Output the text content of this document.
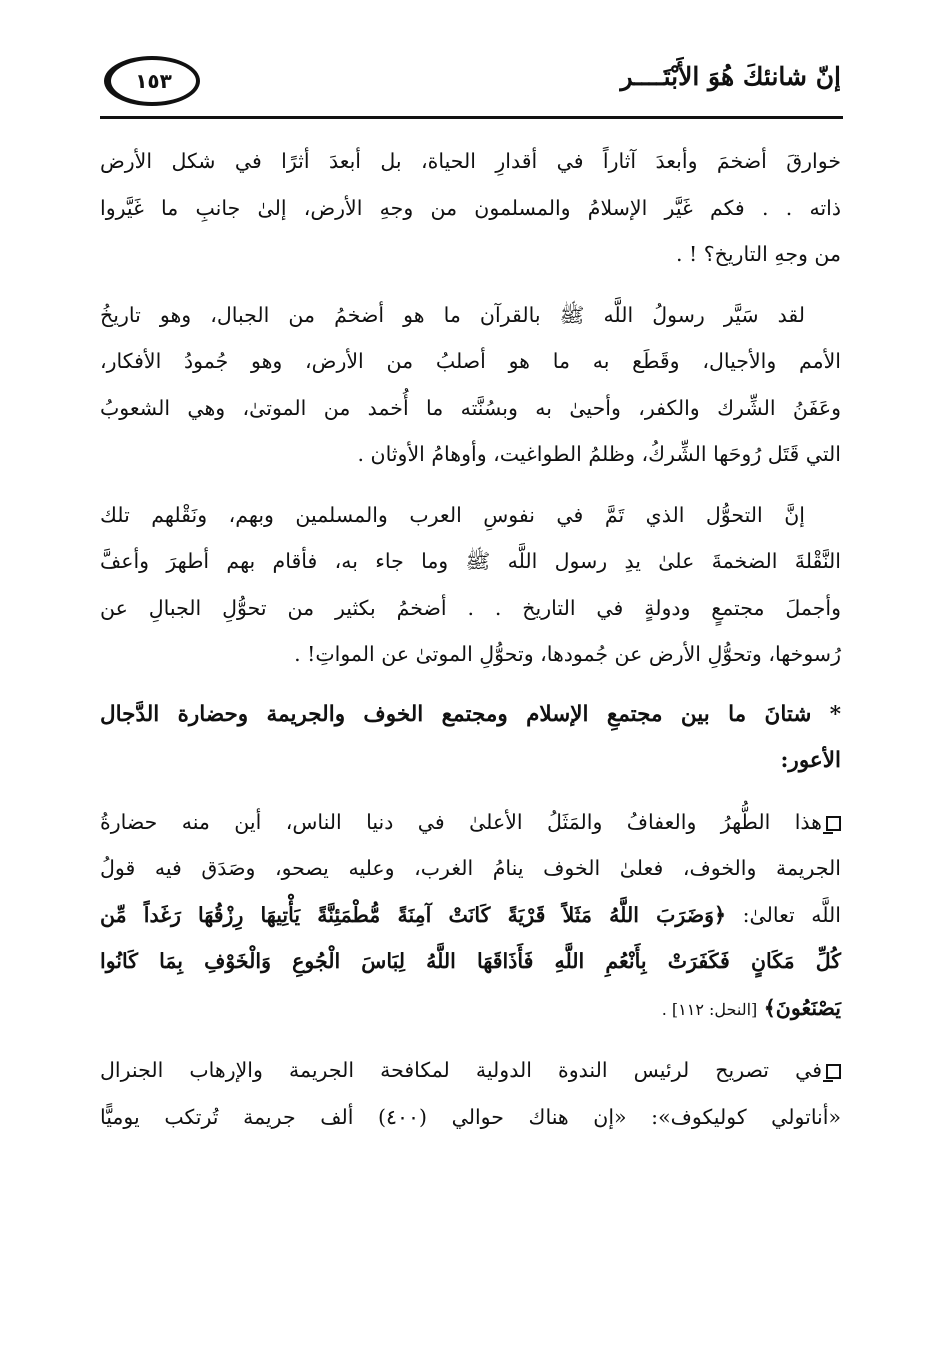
إنّ شانئكَ هُوَ الأَبْتَــــر
١٥٣
خوارقَ أضخمَ وأبعدَ آثاراً في أقدارِ الحياة، بل أبعدَ أثرًا في شكل الأرض
ذاته . . فكم غَيَّر الإسلامُ والمسلمون من وجهِ الأرض، إلىٰ جانبِ ما غَيَّروا
من وجهِ التاريخ؟ ! .
لقد سَيَّر رسولُ اللَّه ﷺ بالقرآن ما هو أضخمُ من الجبال، وهو تاريخُ
الأمم والأجيال، وقَطَع به ما هو أصلبُ من الأرض، وهو جُمودُ الأفكار،
وعَفَنُ الشِّرك والكفر، وأحيىٰ به وبسُنَّته ما أُخمد من الموتىٰ، وهي الشعوبُ
التي قَتَل رُوحَها الشِّركُ، وظلمُ الطواغيت، وأوهامُ الأوثان .
إنَّ التحوُّل الذي تَمَّ في نفوسِ العرب والمسلمين وبهم، ونَقْلهم تلك
النَّقْلةَ الضخمةَ علىٰ يدِ رسول اللَّه ﷺ وما جاء به، فأقام بهم أطهرَ وأعفَّ
وأجملَ مجتمعٍ ودولةٍ في التاريخ . . أضخمُ بكثير من تحوُّلِ الجبالِ عن
رُسوخها، وتحوُّلِ الأرض عن جُمودها، وتحوُّلِ الموتىٰ عن المواتِ! .
* شتانَ ما بين مجتمعِ الإسلام ومجتمع الخوف والجريمة وحضارة الدَّجال
الأعور:
هذا الطُّهرُ والعفافُ والمَثَلُ الأعلىٰ في دنيا الناس، أين منه حضارةُ
الجريمة والخوف، فعلىٰ الخوف ينامُ الغرب، وعليه يصحو، وصَدَق فيه قولُ
اللَّه تعالىٰ: ﴿وَضَرَبَ اللَّهُ مَثَلاً قَرْيَةً كَانَتْ آمِنَةً مُّطْمَئِنَّةً يَأْتِيهَا رِزْقُهَا رَغَداً مِّن
كُلِّ مَكَانٍ فَكَفَرَتْ بِأَنْعُمِ اللَّهِ فَأَذَاقَهَا اللَّهُ لِبَاسَ الْجُوعِ وَالْخَوْفِ بِمَا كَانُوا
يَصْنَعُونَ﴾ [النحل: ١١٢] .
في تصريح لرئيس الندوة الدولية لمكافحة الجريمة والإرهاب الجنرال
«أناتولي كوليكوف»: «إن هناك حوالي (٤٠٠) ألف جريمة تُرتكب يوميًّا
